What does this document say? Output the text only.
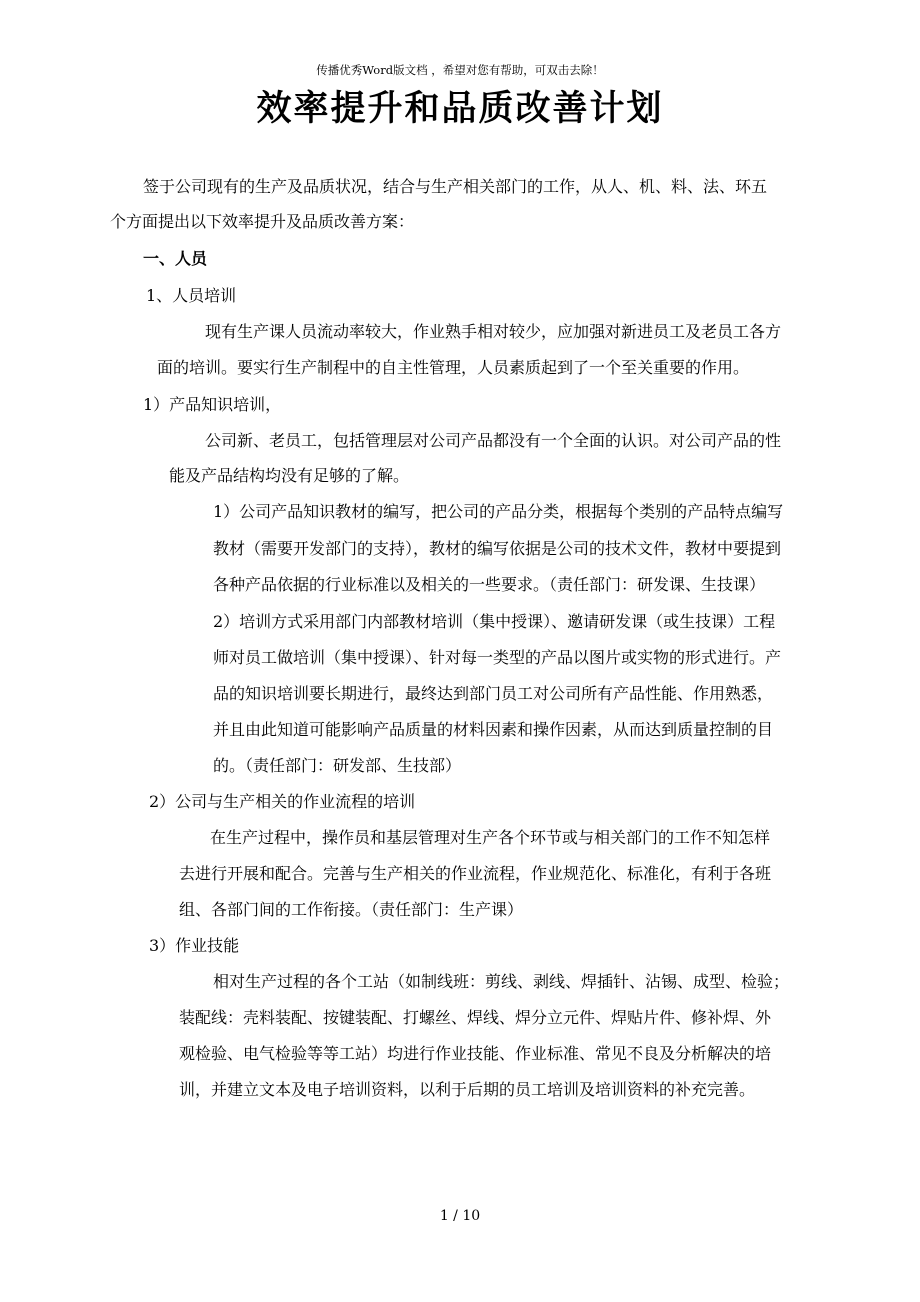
传播优秀Word版文档 ，希望对您有帮助，可双击去除！
效率提升和品质改善计划
签于公司现有的生产及品质状况，结合与生产相关部门的工作，从人、机、料、法、环五
个方面提出以下效率提升及品质改善方案：
一、人员
1、人员培训
现有生产课人员流动率较大，作业熟手相对较少，应加强对新进员工及老员工各方
面的培训。要实行生产制程中的自主性管理，人员素质起到了一个至关重要的作用。
1）产品知识培训，
公司新、老员工，包括管理层对公司产品都没有一个全面的认识。对公司产品的性
能及产品结构均没有足够的了解。
1）公司产品知识教材的编写，把公司的产品分类，根据每个类别的产品特点编写
教材（需要开发部门的支持），教材的编写依据是公司的技术文件，教材中要提到
各种产品依据的行业标准以及相关的一些要求。（责任部门：研发课、生技课）
2）培训方式采用部门内部教材培训（集中授课）、邀请研发课（或生技课）工程
师对员工做培训（集中授课）、针对每一类型的产品以图片或实物的形式进行。产
品的知识培训要长期进行，最终达到部门员工对公司所有产品性能、作用熟悉，
并且由此知道可能影响产品质量的材料因素和操作因素，从而达到质量控制的目
的。（责任部门：研发部、生技部）
2）公司与生产相关的作业流程的培训
在生产过程中，操作员和基层管理对生产各个环节或与相关部门的工作不知怎样
去进行开展和配合。完善与生产相关的作业流程，作业规范化、标准化，有利于各班
组、各部门间的工作衔接。（责任部门：生产课）
3）作业技能
相对生产过程的各个工站（如制线班：剪线、剥线、焊插针、沾锡、成型、检验；
装配线：壳料装配、按键装配、打螺丝、焊线、焊分立元件、焊贴片件、修补焊、外
观检验、电气检验等等工站）均进行作业技能、作业标准、常见不良及分析解决的培
训，并建立文本及电子培训资料，以利于后期的员工培训及培训资料的补充完善。
1 / 10
